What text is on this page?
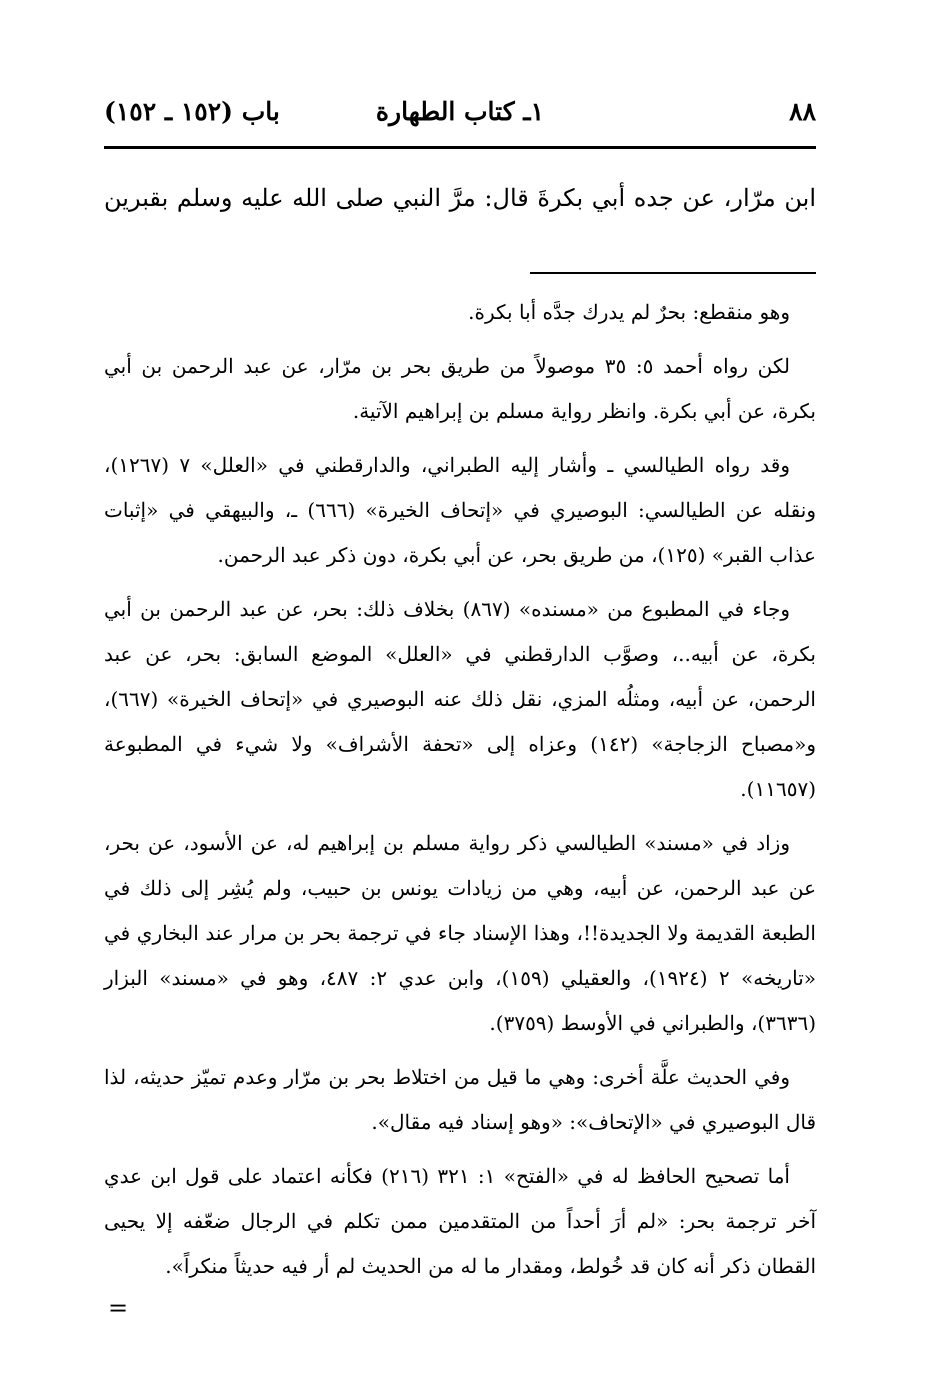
٨٨
١ـ كتاب الطهارة
باب (١٥٢ ـ ١٥٢)
ابن مرّار، عن جده أبي بكرةَ قال: مرَّ النبي صلى الله عليه وسلم بقبرين

وهو منقطع: بحرٌ لم يدرك جدَّه أبا بكرة.

لكن رواه أحمد ٥: ٣٥ موصولاً من طريق بحر بن مرّار، عن عبد الرحمن بن أبي بكرة، عن أبي بكرة. وانظر رواية مسلم بن إبراهيم الآتية.

وقد رواه الطيالسي ـ وأشار إليه الطبراني، والدارقطني في «العلل» ٧ (١٢٦٧)، ونقله عن الطيالسي: البوصيري في «إتحاف الخيرة» (٦٦٦) ـ، والبيهقي في «إثبات عذاب القبر» (١٢٥)، من طريق بحر، عن أبي بكرة، دون ذكر عبد الرحمن.

وجاء في المطبوع من «مسنده» (٨٦٧) بخلاف ذلك: بحر، عن عبد الرحمن بن أبي بكرة، عن أبيه..، وصوَّب الدارقطني في «العلل» الموضع السابق: بحر، عن عبد الرحمن، عن أبيه، ومثلُه المزي، نقل ذلك عنه البوصيري في «إتحاف الخيرة» (٦٦٧)، و«مصباح الزجاجة» (١٤٢) وعزاه إلى «تحفة الأشراف» ولا شيء في المطبوعة (١١٦٥٧).

وزاد في «مسند» الطيالسي ذكر رواية مسلم بن إبراهيم له، عن الأسود، عن بحر، عن عبد الرحمن، عن أبيه، وهي من زيادات يونس بن حبيب، ولم يُشِر إلى ذلك في الطبعة القديمة ولا الجديدة!!، وهذا الإسناد جاء في ترجمة بحر بن مرار عند البخاري في «تاريخه» ٢ (١٩٢٤)، والعقيلي (١٥٩)، وابن عدي ٢: ٤٨٧، وهو في «مسند» البزار (٣٦٣٦)، والطبراني في الأوسط (٣٧٥٩).

وفي الحديث علَّة أخرى: وهي ما قيل من اختلاط بحر بن مرّار وعدم تميّز حديثه، لذا قال البوصيري في «الإتحاف»: «وهو إسناد فيه مقال».

أما تصحيح الحافظ له في «الفتح» ١: ٣٢١ (٢١٦) فكأنه اعتماد على قول ابن عدي آخر ترجمة بحر: «لم أرَ أحداً من المتقدمين ممن تكلم في الرجال ضعّفه إلا يحيى القطان ذكر أنه كان قد خُولط، ومقدار ما له من الحديث لم أر فيه حديثاً منكراً».

=
